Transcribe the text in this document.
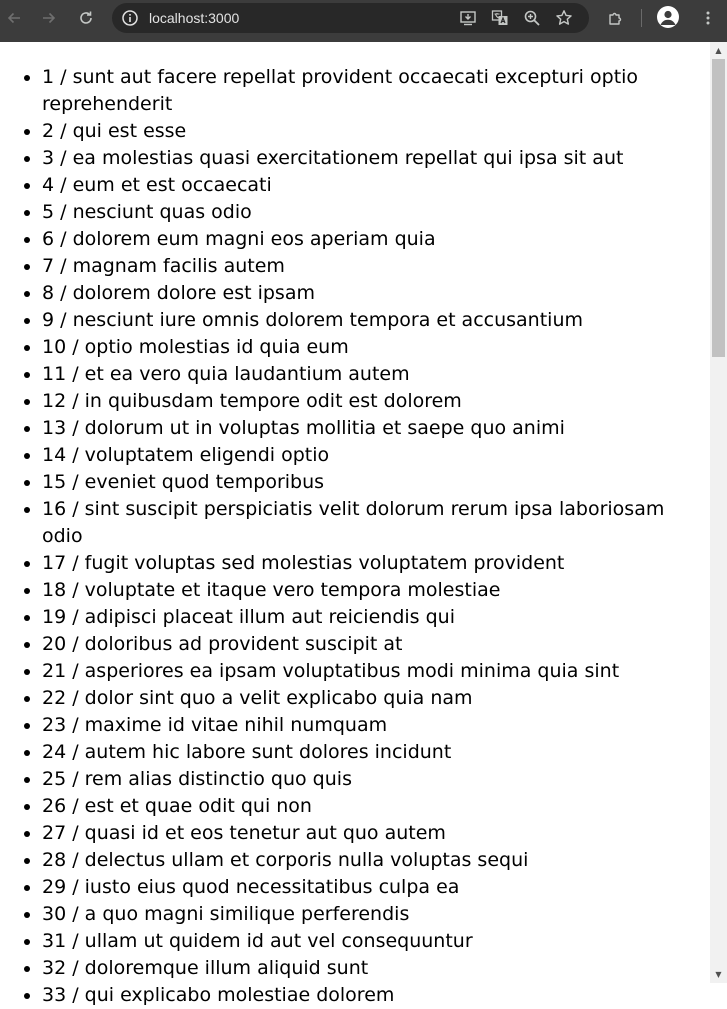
localhost:3000
• 1 / sunt aut facere repellat provident occaecati excepturi optio reprehenderit
• 2 / qui est esse
• 3 / ea molestias quasi exercitationem repellat qui ipsa sit aut
• 4 / eum et est occaecati
• 5 / nesciunt quas odio
• 6 / dolorem eum magni eos aperiam quia
• 7 / magnam facilis autem
• 8 / dolorem dolore est ipsam
• 9 / nesciunt iure omnis dolorem tempora et accusantium
• 10 / optio molestias id quia eum
• 11 / et ea vero quia laudantium autem
• 12 / in quibusdam tempore odit est dolorem
• 13 / dolorum ut in voluptas mollitia et saepe quo animi
• 14 / voluptatem eligendi optio
• 15 / eveniet quod temporibus
• 16 / sint suscipit perspiciatis velit dolorum rerum ipsa laboriosam odio
• 17 / fugit voluptas sed molestias voluptatem provident
• 18 / voluptate et itaque vero tempora molestiae
• 19 / adipisci placeat illum aut reiciendis qui
• 20 / doloribus ad provident suscipit at
• 21 / asperiores ea ipsam voluptatibus modi minima quia sint
• 22 / dolor sint quo a velit explicabo quia nam
• 23 / maxime id vitae nihil numquam
• 24 / autem hic labore sunt dolores incidunt
• 25 / rem alias distinctio quo quis
• 26 / est et quae odit qui non
• 27 / quasi id et eos tenetur aut quo autem
• 28 / delectus ullam et corporis nulla voluptas sequi
• 29 / iusto eius quod necessitatibus culpa ea
• 30 / a quo magni similique perferendis
• 31 / ullam ut quidem id aut vel consequuntur
• 32 / doloremque illum aliquid sunt
• 33 / qui explicabo molestiae dolorem
▲
▼
